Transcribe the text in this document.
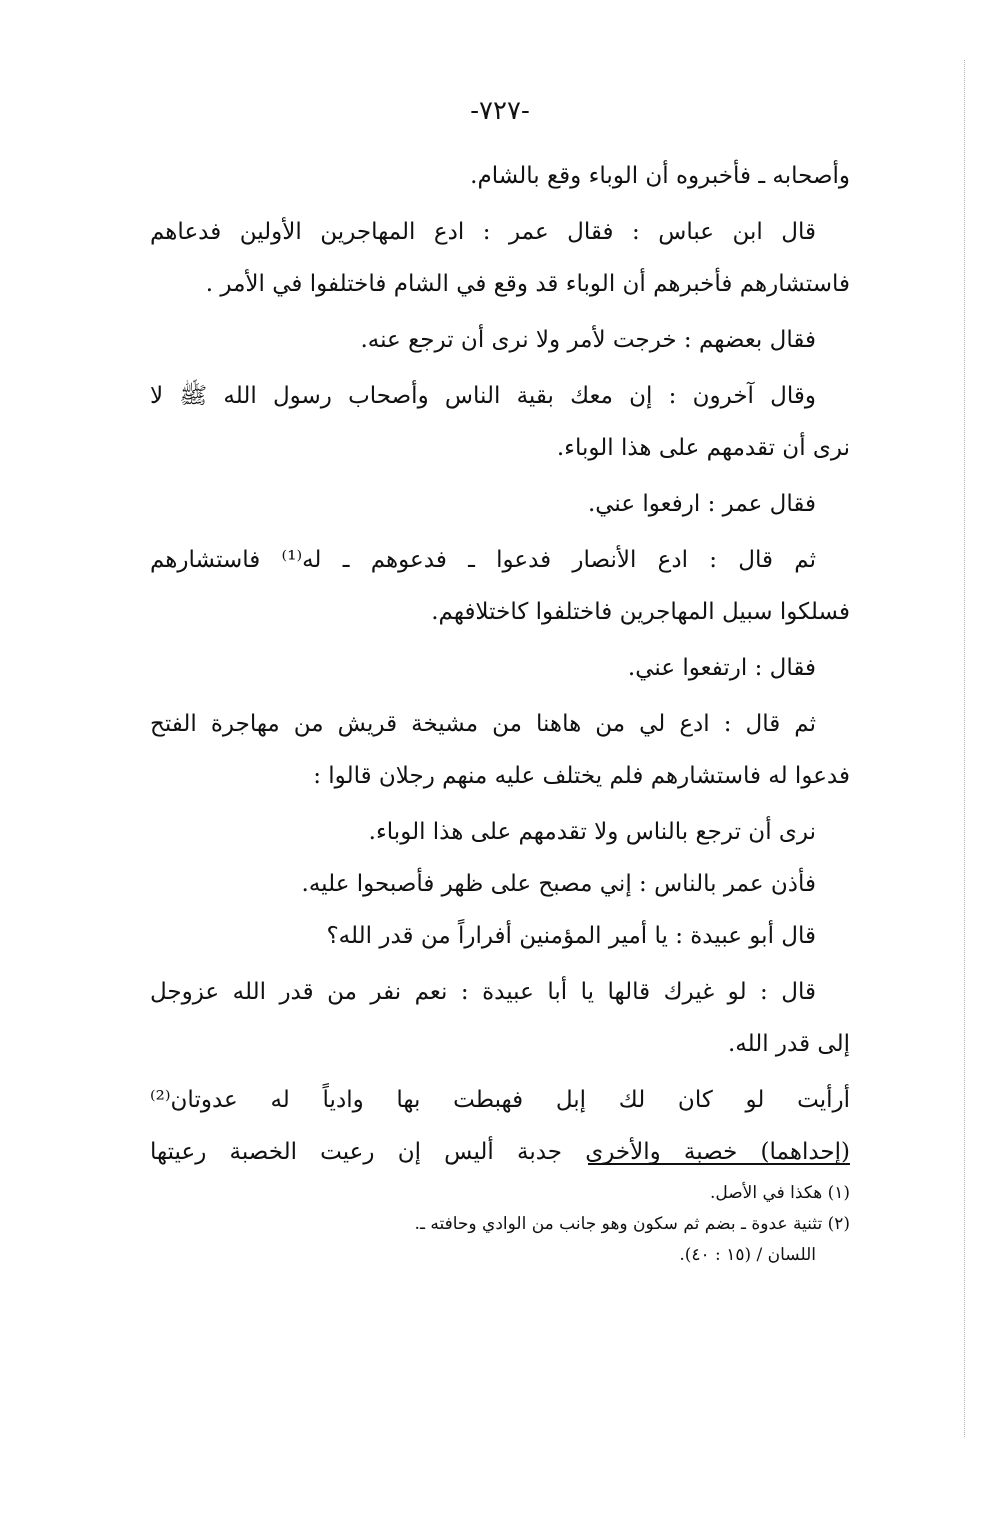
-٧٢٧-
وأصحابه ـ فأخبروه أن الوباء وقع بالشام.
قال ابن عباس : فقال عمر : ادع المهاجرين الأولين فدعاهم
فاستشارهم فأخبرهم أن الوباء قد وقع في الشام فاختلفوا في الأمر .
فقال بعضهم : خرجت لأمر ولا نرى أن ترجع عنه.
وقال آخرون : إن معك بقية الناس وأصحاب رسول الله ﷺ لا
نرى أن تقدمهم على هذا الوباء.
فقال عمر : ارفعوا عني.
ثم قال : ادع الأنصار فدعوا ـ فدعوهم ـ له⁽¹⁾ فاستشارهم
فسلكوا سبيل المهاجرين فاختلفوا كاختلافهم.
فقال : ارتفعوا عني.
ثم قال : ادع لي من هاهنا من مشيخة قريش من مهاجرة الفتح
فدعوا له فاستشارهم فلم يختلف عليه منهم رجلان قالوا :
نرى أن ترجع بالناس ولا تقدمهم على هذا الوباء.
فأذن عمر بالناس : إني مصبح على ظهر فأصبحوا عليه.
قال أبو عبيدة : يا أمير المؤمنين أفراراً من قدر الله؟
قال : لو غيرك قالها يا أبا عبيدة : نعم نفر من قدر الله عزوجل
إلى قدر الله.
أرأيت لو كان لك إبل فهبطت بها وادياً له عدوتان⁽²⁾
(إحداهما) خصبة والأخرى جدبة أليس إن رعيت الخصبة رعيتها
(١) هكذا في الأصل.
(٢) تثنية عدوة ـ بضم ثم سكون وهو جانب من الوادي وحافته ـ.
اللسان / (١٥ : ٤٠).
